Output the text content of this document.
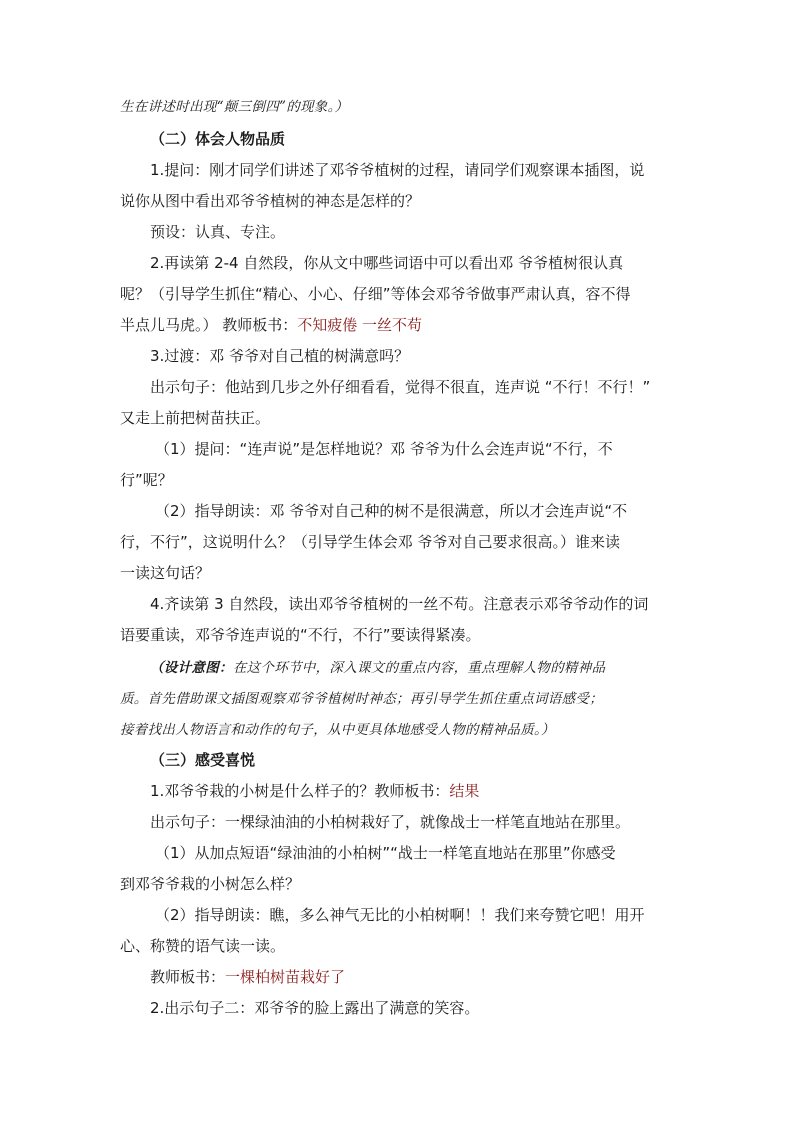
生在讲述时出现“颠三倒四”的现象。）
（二）体会人物品质
1.提问：刚才同学们讲述了邓爷爷植树的过程，请同学们观察课本插图，说
说你从图中看出邓爷爷植树的神态是怎样的？
预设：认真、专注。
2.再读第 2-4 自然段，你从文中哪些词语中可以看出邓 爷爷植树很认真
呢？（引导学生抓住“精心、小心、仔细”等体会邓爷爷做事严肃认真，容不得
半点儿马虎。） 教师板书：不知疲倦 一丝不苟
3.过渡：邓 爷爷对自己植的树满意吗？
出示句子：他站到几步之外仔细看看，觉得不很直，连声说 “不行！不行！”
又走上前把树苗扶正。
（1）提问：“连声说”是怎样地说？邓 爷爷为什么会连声说“不行，不
行”呢？
（2）指导朗读：邓 爷爷对自己种的树不是很满意，所以才会连声说“不
行，不行”，这说明什么？（引导学生体会邓 爷爷对自己要求很高。）谁来读
一读这句话？
4.齐读第 3 自然段，读出邓爷爷植树的一丝不苟。注意表示邓爷爷动作的词
语要重读，邓爷爷连声说的“不行，不行”要读得紧凑。
（设计意图：在这个环节中，深入课文的重点内容，重点理解人物的精神品
质。首先借助课文插图观察邓爷爷植树时神态；再引导学生抓住重点词语感受；
接着找出人物语言和动作的句子，从中更具体地感受人物的精神品质。）
（三）感受喜悦
1.邓爷爷栽的小树是什么样子的？教师板书：结果
出示句子：一棵绿油油的小柏树栽好了，就像战士一样笔直地站在那里。
（1）从加点短语“绿油油的小柏树”“战士一样笔直地站在那里”你感受
到邓爷爷栽的小树怎么样？
（2）指导朗读：瞧，多么神气无比的小柏树啊！！我们来夸赞它吧！用开
心、称赞的语气读一读。
教师板书：一棵柏树苗栽好了
2.出示句子二：邓爷爷的脸上露出了满意的笑容。
